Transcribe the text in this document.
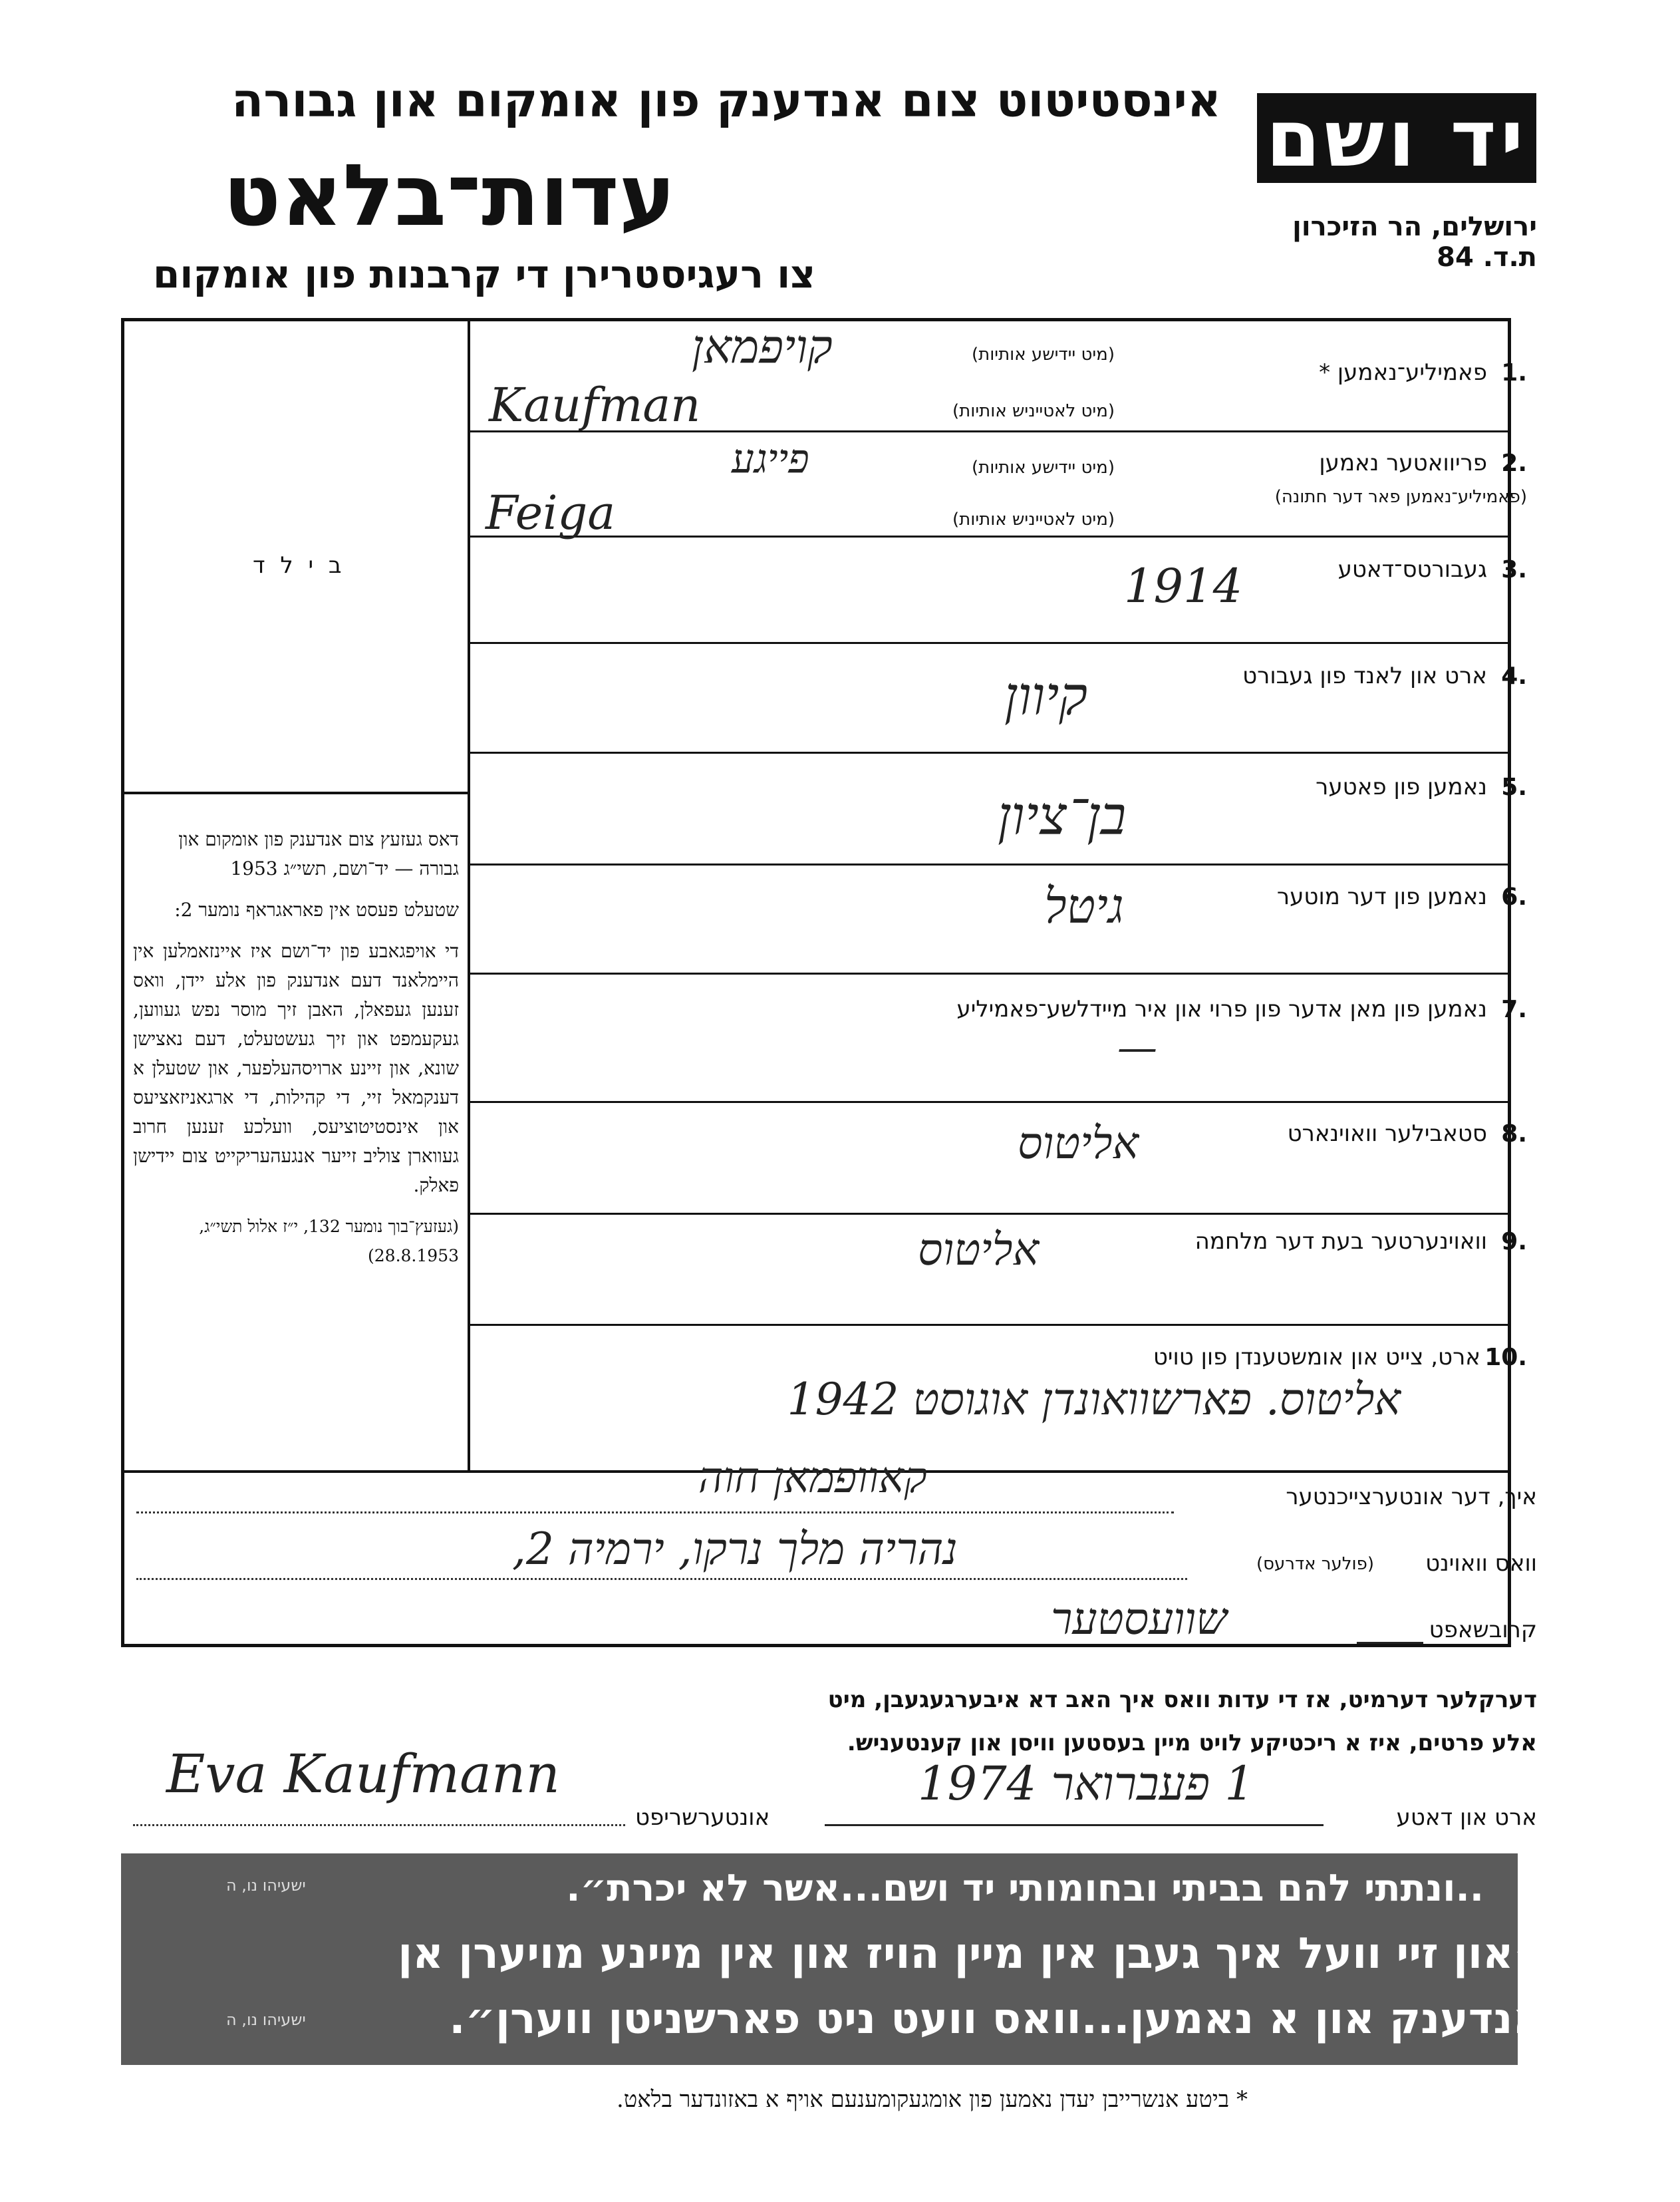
יד ושם
אינסטיטוט צום אנדענק פון אומקום און גבורה
עדות־בלאט
צו רעגיסטרירן די קרבנות פון אומקום
ירושלים, הר הזיכרון
ת.ד. 84
ב י ל ד
דאס געזעץ צום אנדענק פון אומקום און גבורה — יד־ושם, תשי״ג 1953
שטעלט פעסט אין פאראגראף נומער 2:
די אויפגאבע פון יד־ושם איז איינזאמלען אין היימלאנד דעם אנדענק פון אלע יידן, וואס זענען געפאלן, האבן זיך מוסר נפש געווען, געקעמפט און זיך געשטעלט, דעם נאצישן שונא, און זיינע ארויסהעלפער, און שטעלן א דענקמאל זיי, די קהילות, די ארגאניזאציעס און אינסטיטוציעס, וועלכע זענען חרוב געווארן צוליב זייער אנגעהעריקייט צום יידישן פאלק.
(געזעץ־בוך נומער 132, י״ז אלול תשי״ג, 28.8.1953)
1.
פאמיליע־נאמען *
(מיט יידישע אותיות)
(מיט לאטייניש אותיות)
קויפמאן
Kaufman
2.
פריוואטער נאמען
(פאמיליע־נאמען פאר דער חתונה)
(מיט יידישע אותיות)
(מיט לאטייניש אותיות)
פייגע
Feiga
3.
געבורטס־דאטע
1914
4.
ארט און לאנד פון געבורט
קיוון
5.
נאמען פון פאטער
בן־ציון
6.
נאמען פון דער מוטער
גיטל
7.
נאמען פון מאן אדער פון פרוי און איר מיידלשע־פאמיליע
—
8.
סטאבילער וואוינארט
אליטוס
9.
וואוינערטער בעת דער מלחמה
אליטוס
10.
ארט, צייט און אומשטענדן פון טויט
אליטוס. פארשוואונדן אוגוסט 1942
איך, דער אונטערצייכנטער
קאוופמאן חוה
וואס וואוינט
(פולער אדרעס)
נהריה מלך נרקו, ירמיה 2,
קרובשאפט
שוועסטער
דערקלער דערמיט, אז די עדות וואס איך האב דא איבערגעגעבן, מיט
אלע פרטים, איז א ריכטיקע לויט מיין בעסטען וויסן און קענטעניש.
Eva Kaufmann
אונטערשריפט
1 פעברואר 1974
ארט און דאטע
..ונתתי להם בביתי ובחומותי יד ושם...אשר לא יכרת״.
ישעיהו נו, ה
״און זיי וועל איך געבן אין מיין הויז און אין מיינע מויערן אן
אנדענק און א נאמען...וואס וועט ניט פארשניטן ווערן״.
ישעיהו נו, ה
* ביטע אנשרייבן יעדן נאמען פון אומגעקומענעם אויף א באזונדער בלאט.
